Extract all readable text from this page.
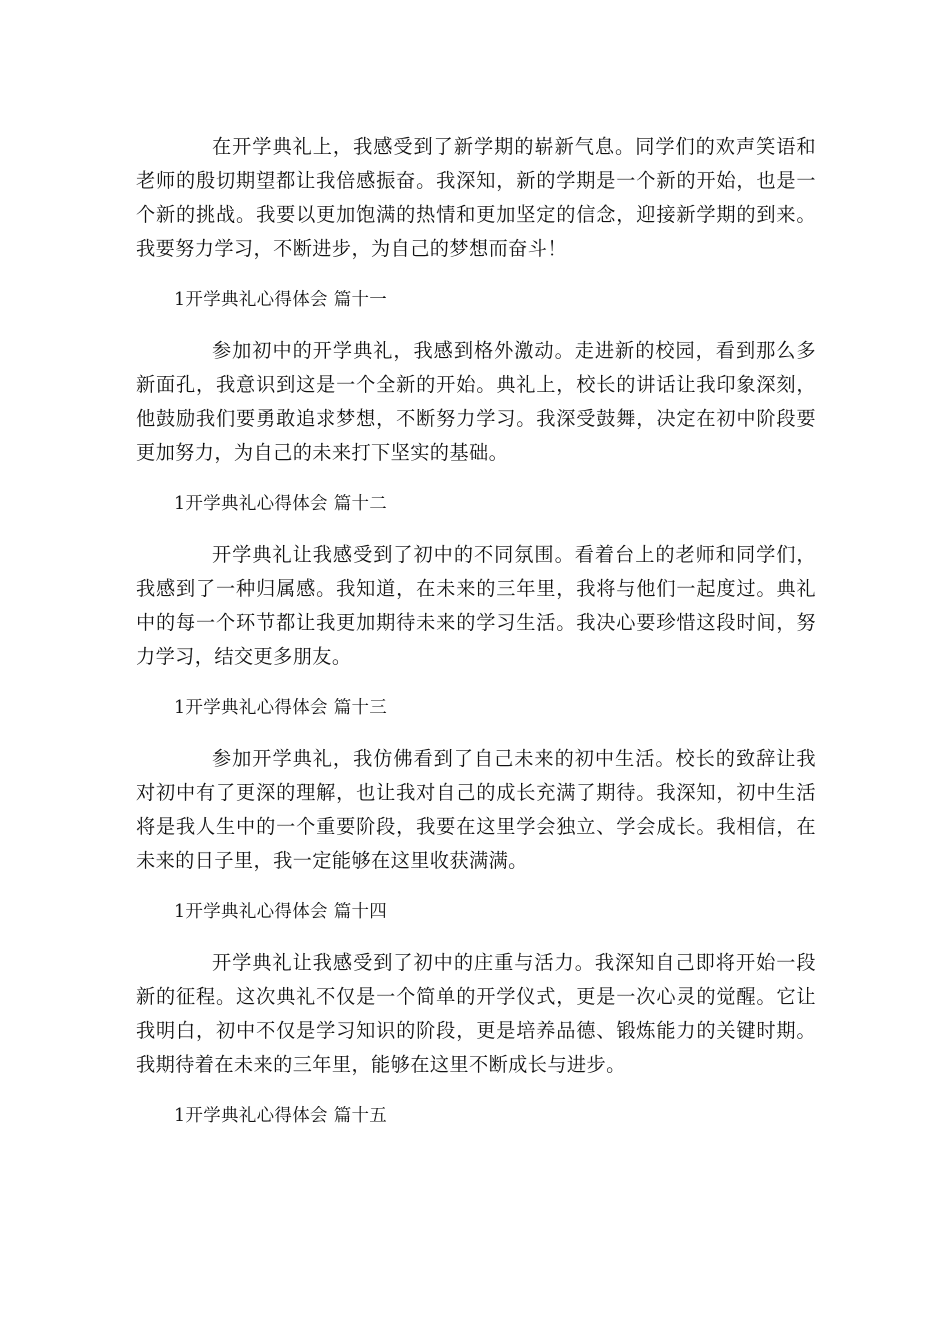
在开学典礼上，我感受到了新学期的崭新气息。同学们的欢声笑语和老师的殷切期望都让我倍感振奋。我深知，新的学期是一个新的开始，也是一个新的挑战。我要以更加饱满的热情和更加坚定的信念，迎接新学期的到来。我要努力学习，不断进步，为自己的梦想而奋斗！

1开学典礼心得体会 篇十一

参加初中的开学典礼，我感到格外激动。走进新的校园，看到那么多新面孔，我意识到这是一个全新的开始。典礼上，校长的讲话让我印象深刻，他鼓励我们要勇敢追求梦想，不断努力学习。我深受鼓舞，决定在初中阶段要更加努力，为自己的未来打下坚实的基础。

1开学典礼心得体会 篇十二

开学典礼让我感受到了初中的不同氛围。看着台上的老师和同学们，我感到了一种归属感。我知道，在未来的三年里，我将与他们一起度过。典礼中的每一个环节都让我更加期待未来的学习生活。我决心要珍惜这段时间，努力学习，结交更多朋友。

1开学典礼心得体会 篇十三

参加开学典礼，我仿佛看到了自己未来的初中生活。校长的致辞让我对初中有了更深的理解，也让我对自己的成长充满了期待。我深知，初中生活将是我人生中的一个重要阶段，我要在这里学会独立、学会成长。我相信，在未来的日子里，我一定能够在这里收获满满。

1开学典礼心得体会 篇十四

开学典礼让我感受到了初中的庄重与活力。我深知自己即将开始一段新的征程。这次典礼不仅是一个简单的开学仪式，更是一次心灵的觉醒。它让我明白，初中不仅是学习知识的阶段，更是培养品德、锻炼能力的关键时期。我期待着在未来的三年里，能够在这里不断成长与进步。

1开学典礼心得体会 篇十五
